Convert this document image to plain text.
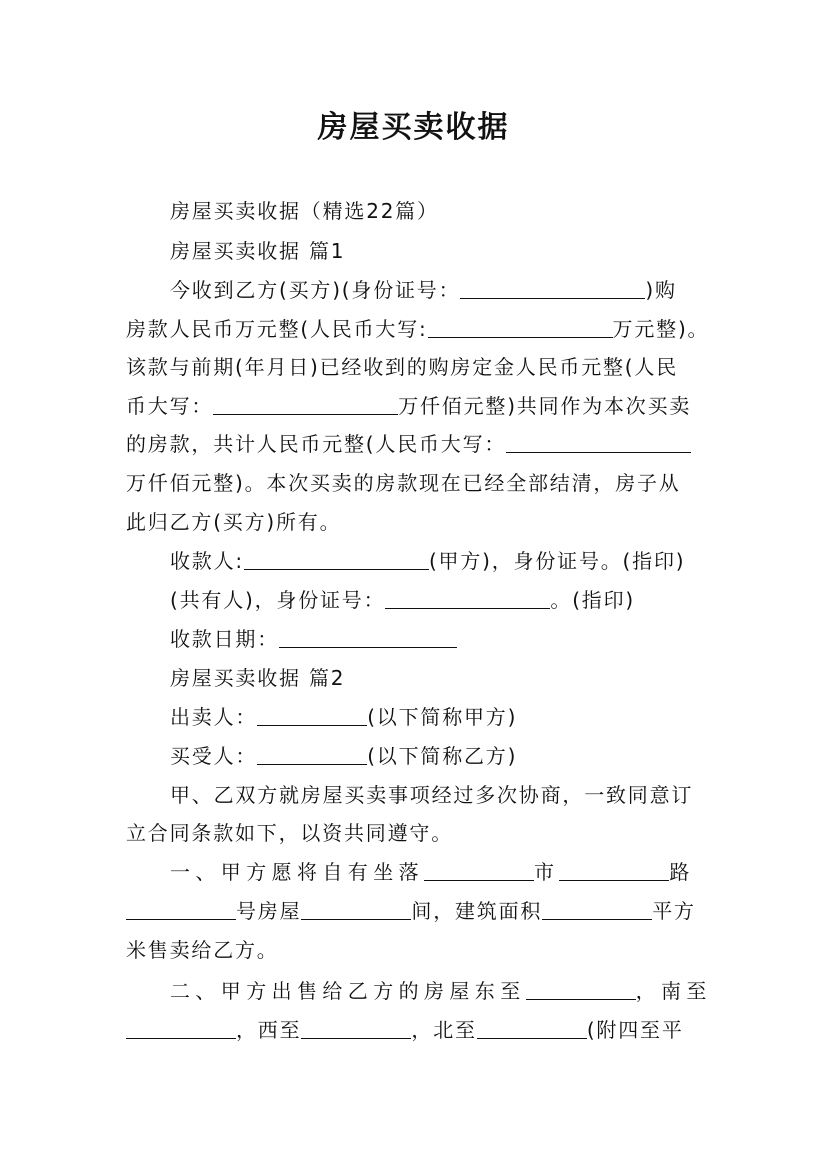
房屋买卖收据
房屋买卖收据（精选22篇）
房屋买卖收据 篇1
今收到乙方(买方)(身份证号：	)购
房款人民币万元整(人民币大写:	万元整)。
该款与前期(年月日)已经收到的购房定金人民币元整(人民
币大写：	万仟佰元整)共同作为本次买卖
的房款，共计人民币元整(人民币大写：
万仟佰元整)。本次买卖的房款现在已经全部结清，房子从
此归乙方(买方)所有。
收款人:	(甲方)，身份证号。(指印)
(共有人)，身份证号：	。(指印)
收款日期：
房屋买卖收据 篇2
出卖人：	(以下简称甲方)
买受人：	(以下简称乙方)
甲、乙双方就房屋买卖事项经过多次协商，一致同意订
立合同条款如下，以资共同遵守。
一、甲方愿将自有坐落	市	路
号房屋	间，建筑面积	平方
米售卖给乙方。
二、甲方出售给乙方的房屋东至	，南至
，西至	，北至	(附四至平
